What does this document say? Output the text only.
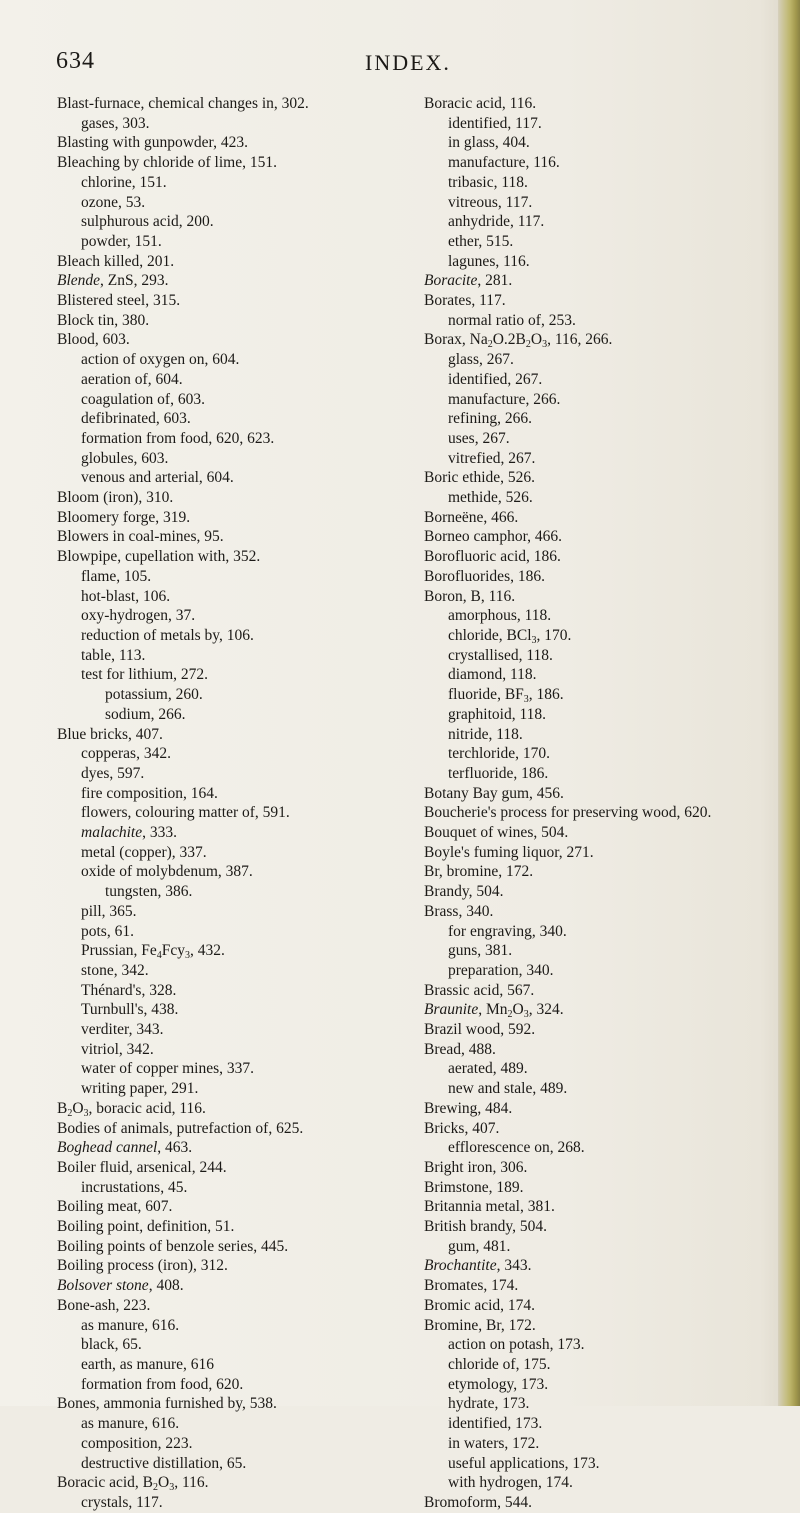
634	INDEX.
Blast-furnace, chemical changes in, 302.
gases, 303.
Blasting with gunpowder, 423.
Bleaching by chloride of lime, 151.
chlorine, 151.
ozone, 53.
sulphurous acid, 200.
powder, 151.
Bleach killed, 201.
Blende, ZnS, 293.
Blistered steel, 315.
Block tin, 380.
Blood, 603.
action of oxygen on, 604.
aeration of, 604.
coagulation of, 603.
defibrinated, 603.
formation from food, 620, 623.
globules, 603.
venous and arterial, 604.
Bloom (iron), 310.
Bloomery forge, 319.
Blowers in coal-mines, 95.
Blowpipe, cupellation with, 352.
flame, 105.
hot-blast, 106.
oxy-hydrogen, 37.
reduction of metals by, 106.
table, 113.
test for lithium, 272.
potassium, 260.
sodium, 266.
Blue bricks, 407.
copperas, 342.
dyes, 597.
fire composition, 164.
flowers, colouring matter of, 591.
malachite, 333.
metal (copper), 337.
oxide of molybdenum, 387.
tungsten, 386.
pill, 365.
pots, 61.
Prussian, $Fe_4Fcy_3$, 432.
stone, 342.
Thénard's, 328.
Turnbull's, 438.
verditer, 343.
vitriol, 342.
water of copper mines, 337.
writing paper, 291.
$B_2O_3$, boracic acid, 116.
Bodies of animals, putrefaction of, 625.
Boghead cannel, 463.
Boiler fluid, arsenical, 244.
incrustations, 45.
Boiling meat, 607.
Boiling point, definition, 51.
Boiling points of benzole series, 445.
Boiling process (iron), 312.
Bolsover stone, 408.
Bone-ash, 223.
as manure, 616.
black, 65.
earth, as manure, 616
formation from food, 620.
Bones, ammonia furnished by, 538.
as manure, 616.
composition, 223.
destructive distillation, 65.
Boracic acid, $B_2O_3$, 116.
crystals, 117.
Boracic acid, 116.
identified, 117.
in glass, 404.
manufacture, 116.
tribasic, 118.
vitreous, 117.
anhydride, 117.
ether, 515.
lagunes, 116.
Boracite, 281.
Borates, 117.
normal ratio of, 253.
Borax, $Na_2O.2B_2O_3$, 116, 266.
glass, 267.
identified, 267.
manufacture, 266.
refining, 266.
uses, 267.
vitrefied, 267.
Boric ethide, 526.
methide, 526.
Borneëne, 466.
Borneo camphor, 466.
Borofluoric acid, 186.
Borofluorides, 186.
Boron, B, 116.
amorphous, 118.
chloride, BCl$_3$, 170.
crystallised, 118.
diamond, 118.
fluoride, $BF_3$, 186.
graphitoid, 118.
nitride, 118.
terchloride, 170.
terfluoride, 186.
Botany Bay gum, 456.
Boucherie's process for preserving wood, 620.
Bouquet of wines, 504.
Boyle's fuming liquor, 271.
Br, bromine, 172.
Brandy, 504.
Brass, 340.
for engraving, 340.
guns, 381.
preparation, 340.
Brassic acid, 567.
Braunite, $Mn_2O_3$, 324.
Brazil wood, 592.
Bread, 488.
aerated, 489.
new and stale, 489.
Brewing, 484.
Bricks, 407.
efflorescence on, 268.
Bright iron, 306.
Brimstone, 189.
Britannia metal, 381.
British brandy, 504.
gum, 481.
Brochantite, 343.
Bromates, 174.
Bromic acid, 174.
Bromine, Br, 172.
action on potash, 173.
chloride of, 175.
etymology, 173.
hydrate, 173.
identified, 173.
in waters, 172.
useful applications, 173.
with hydrogen, 174.
Bromoform, 544.
